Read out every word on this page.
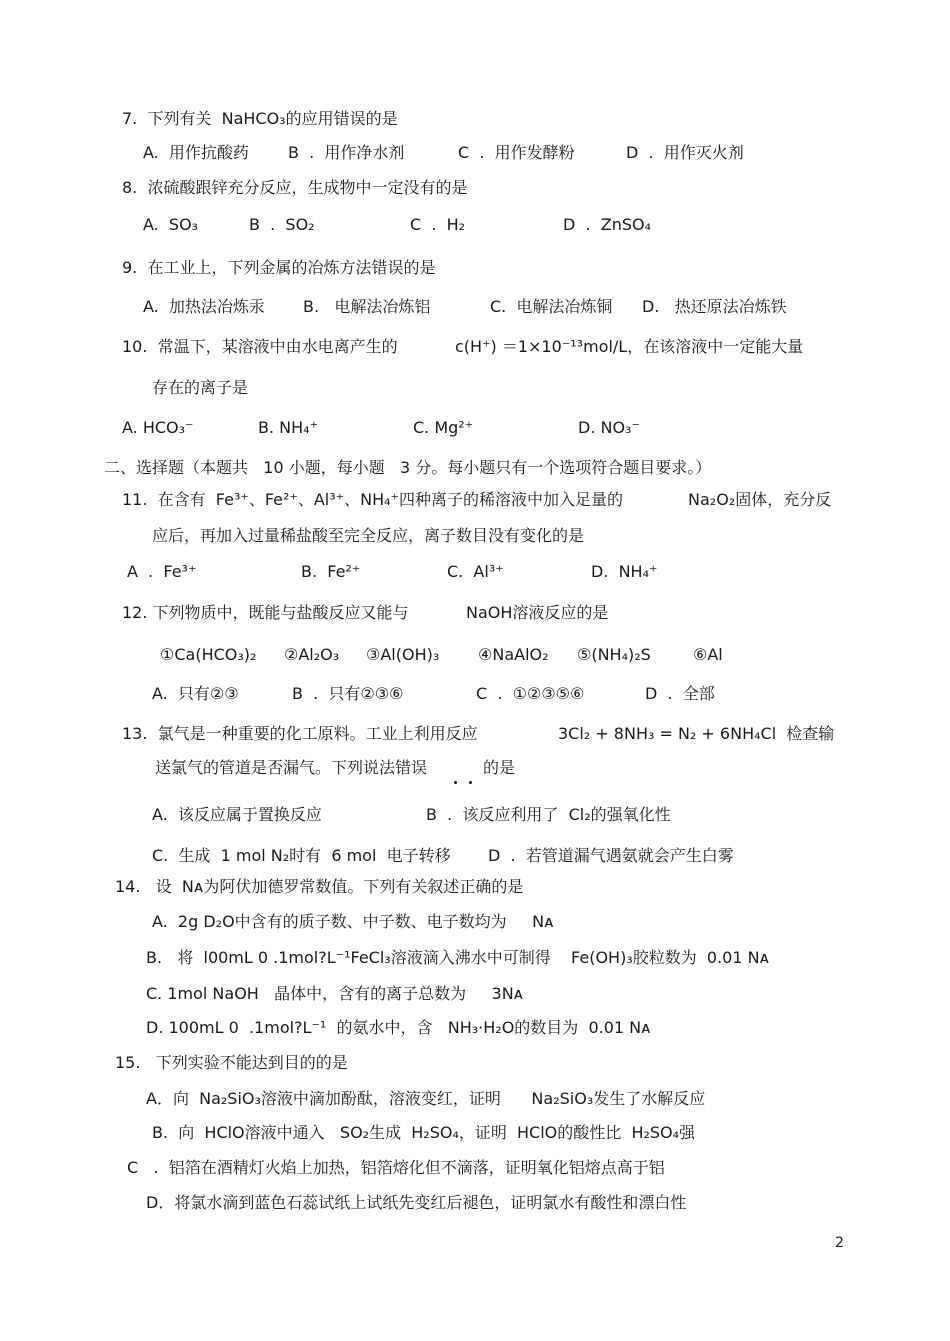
7.  下列有关  NaHCO₃的应用错误的是
A.  用作抗酸药 B  .  用作净水剂	C  .  用作发酵粉	D  .  用作灭火剂
8.  浓硫酸跟锌充分反应，生成物中一定没有的是
A.  SO₃	B  .  SO₂	C  .  H₂	D  .  ZnSO₄
9.  在工业上，下列金属的冶炼方法错误的是
A.  加热法冶炼汞 B.   电解法冶炼铝	C.  电解法冶炼铜 D.   热还原法冶炼铁
10.  常温下，某溶液中由水电离产生的	c(H⁺) ＝1×10⁻¹³mol/L，在该溶液中一定能大量
存在的离子是
A. HCO₃⁻	B. NH₄⁺	C. Mg²⁺	D. NO₃⁻
二、选择题（本题共   10 小题，每小题   3 分。每小题只有一个选项符合题目要求。）
11.  在含有  Fe³⁺、Fe²⁺、Al³⁺、NH₄⁺四种离子的稀溶液中加入足量的	Na₂O₂固体，充分反
应后，再加入过量稀盐酸至完全反应，离子数目没有变化的是
A  .  Fe³⁺	B.  Fe²⁺	C.  Al³⁺	D.  NH₄⁺
12. 下列物质中，既能与盐酸反应又能与	NaOH溶液反应的是
①Ca(HCO₃)₂ ②Al₂O₃ ③Al(OH)₃ ④NaAlO₂ ⑤(NH₄)₂S	⑥Al
A.  只有②③	B  .  只有②③⑥	C  .  ①②③⑤⑥	D  .  全部
13.  氯气是一种重要的化工原料。工业上利用反应	3Cl₂ + 8NH₃ = N₂ + 6NH₄Cl  检查输
送氯气的管道是否漏气。下列说法错误	的是
A.  该反应属于置换反应	B  .  该反应利用了  Cl₂的强氧化性
C.  生成  1 mol N₂时有  6 mol  电子转移 D  .  若管道漏气遇氨就会产生白雾
14.   设  Nᴀ为阿伏加德罗常数值。下列有关叙述正确的是
A.  2g D₂O中含有的质子数、中子数、电子数均为     Nᴀ
B.   将  l00mL 0 .1mol?L⁻¹FeCl₃溶液滴入沸水中可制得    Fe(OH)₃胶粒数为  0.01 Nᴀ
C. 1mol NaOH   晶体中，含有的离子总数为     3Nᴀ
D. 100mL 0  .1mol?L⁻¹  的氨水中，含   NH₃·H₂O的数目为  0.01 Nᴀ
15.   下列实验不能达到目的的是
A．向  Na₂SiO₃溶液中滴加酚酞，溶液变红，证明      Na₂SiO₃发生了水解反应
B.  向  HClO溶液中通入   SO₂生成  H₂SO₄，证明  HClO的酸性比  H₂SO₄强
C   .  铝箔在酒精灯火焰上加热，铝箔熔化但不滴落，证明氧化铝熔点高于铝
D．将氯水滴到蓝色石蕊试纸上试纸先变红后褪色，证明氯水有酸性和漂白性
2
